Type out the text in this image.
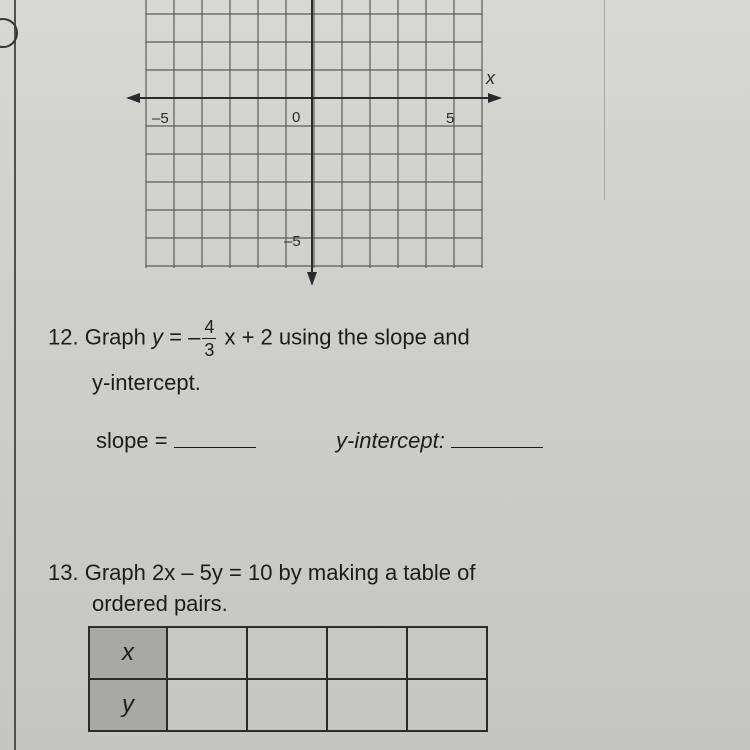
x
–5	0	5
–5
12. Graph y = – $\frac{4}{3}$ x + 2 using the slope and
y-intercept.
slope =	y-intercept:
13. Graph 2x – 5y = 10 by making a table of
ordered pairs.
x				
y				
